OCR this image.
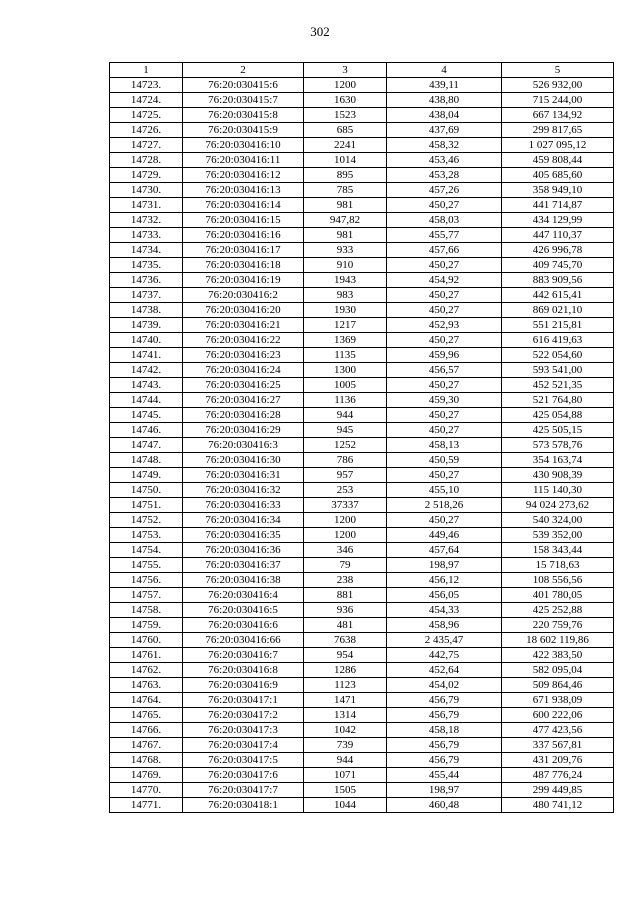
302
1	2	3	4	5
14723.	76:20:030415:6	1200	439,11	526 932,00
14724.	76:20:030415:7	1630	438,80	715 244,00
14725.	76:20:030415:8	1523	438,04	667 134,92
14726.	76:20:030415:9	685	437,69	299 817,65
14727.	76:20:030416:10	2241	458,32	1 027 095,12
14728.	76:20:030416:11	1014	453,46	459 808,44
14729.	76:20:030416:12	895	453,28	405 685,60
14730.	76:20:030416:13	785	457,26	358 949,10
14731.	76:20:030416:14	981	450,27	441 714,87
14732.	76:20:030416:15	947,82	458,03	434 129,99
14733.	76:20:030416:16	981	455,77	447 110,37
14734.	76:20:030416:17	933	457,66	426 996,78
14735.	76:20:030416:18	910	450,27	409 745,70
14736.	76:20:030416:19	1943	454,92	883 909,56
14737.	76:20:030416:2	983	450,27	442 615,41
14738.	76:20:030416:20	1930	450,27	869 021,10
14739.	76:20:030416:21	1217	452,93	551 215,81
14740.	76:20:030416:22	1369	450,27	616 419,63
14741.	76:20:030416:23	1135	459,96	522 054,60
14742.	76:20:030416:24	1300	456,57	593 541,00
14743.	76:20:030416:25	1005	450,27	452 521,35
14744.	76:20:030416:27	1136	459,30	521 764,80
14745.	76:20:030416:28	944	450,27	425 054,88
14746.	76:20:030416:29	945	450,27	425 505,15
14747.	76:20:030416:3	1252	458,13	573 578,76
14748.	76:20:030416:30	786	450,59	354 163,74
14749.	76:20:030416:31	957	450,27	430 908,39
14750.	76:20:030416:32	253	455,10	115 140,30
14751.	76:20:030416:33	37337	2 518,26	94 024 273,62
14752.	76:20:030416:34	1200	450,27	540 324,00
14753.	76:20:030416:35	1200	449,46	539 352,00
14754.	76:20:030416:36	346	457,64	158 343,44
14755.	76:20:030416:37	79	198,97	15 718,63
14756.	76:20:030416:38	238	456,12	108 556,56
14757.	76:20:030416:4	881	456,05	401 780,05
14758.	76:20:030416:5	936	454,33	425 252,88
14759.	76:20:030416:6	481	458,96	220 759,76
14760.	76:20:030416:66	7638	2 435,47	18 602 119,86
14761.	76:20:030416:7	954	442,75	422 383,50
14762.	76:20:030416:8	1286	452,64	582 095,04
14763.	76:20:030416:9	1123	454,02	509 864,46
14764.	76:20:030417:1	1471	456,79	671 938,09
14765.	76:20:030417:2	1314	456,79	600 222,06
14766.	76:20:030417:3	1042	458,18	477 423,56
14767.	76:20:030417:4	739	456,79	337 567,81
14768.	76:20:030417:5	944	456,79	431 209,76
14769.	76:20:030417:6	1071	455,44	487 776,24
14770.	76:20:030417:7	1505	198,97	299 449,85
14771.	76:20:030418:1	1044	460,48	480 741,12
